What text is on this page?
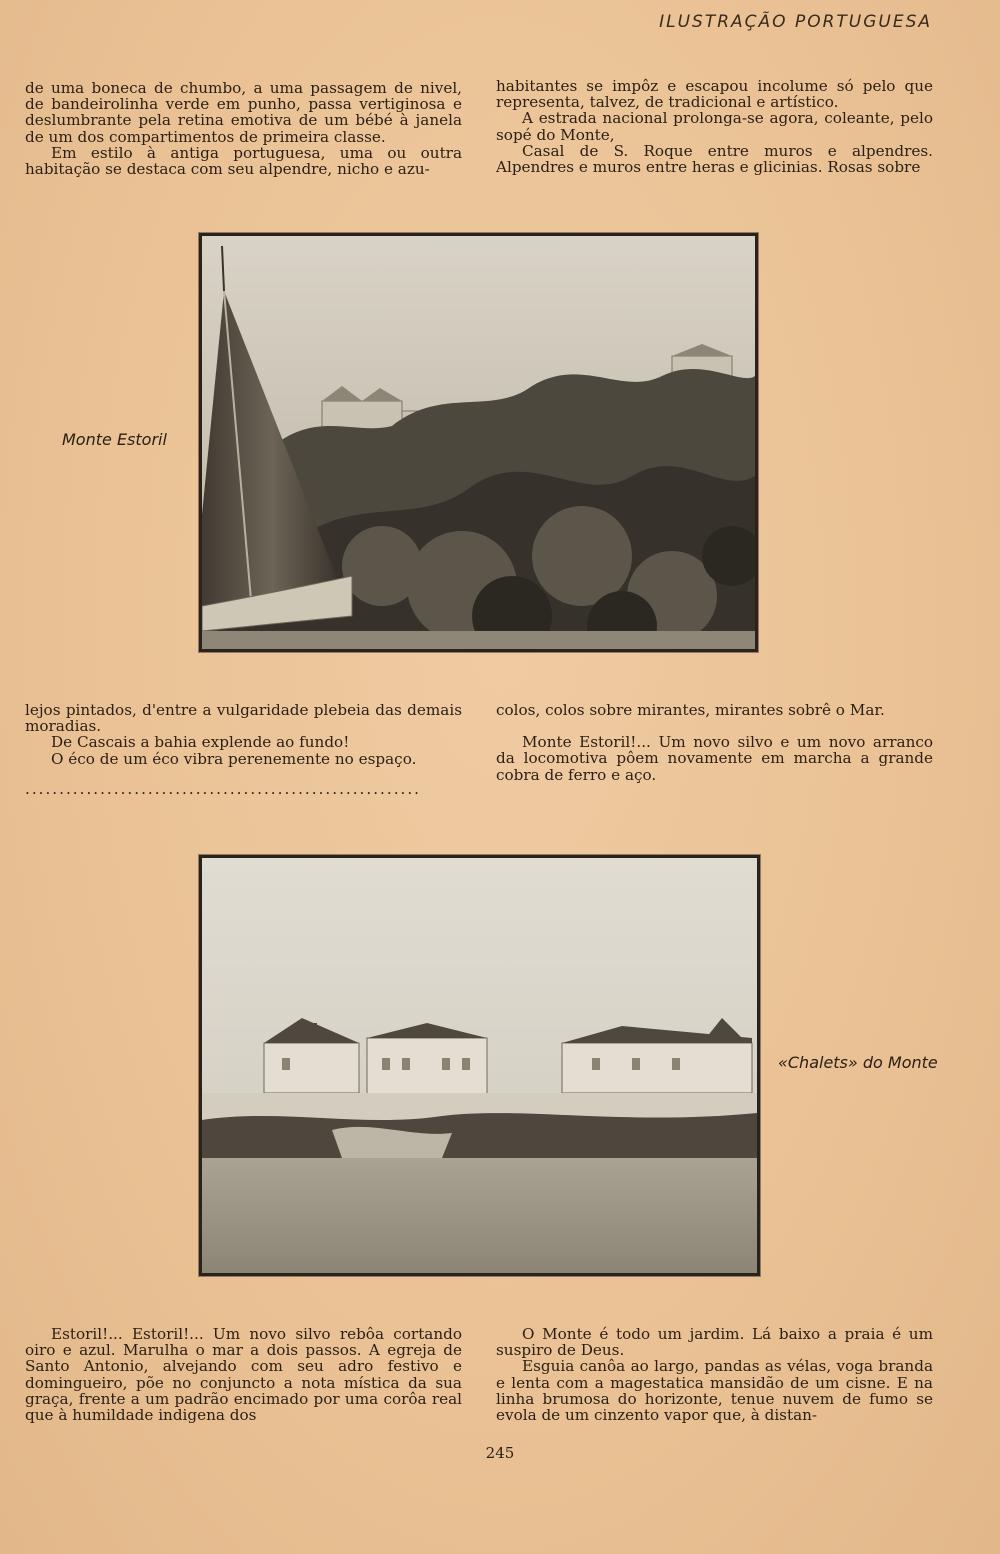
ILUSTRAÇÃO PORTUGUESA

de uma boneca de chumbo, a uma passagem de nivel, de bandeirolinha verde em punho, passa vertiginosa e deslumbrante pela retina emotiva de um bébé à janela de um dos compartimentos de primeira classe.

Em estilo à antiga portuguesa, uma ou outra habitação se destaca com seu alpendre, nicho e azu-

habitantes se impôz e escapou incolume só pelo que representa, talvez, de tradicional e artístico.

A estrada nacional prolonga-se agora, coleante, pelo sopé do Monte,

Casal de S. Roque entre muros e alpendres. Alpendres e muros entre heras e glicinias. Rosas sobre

Monte Estoril

lejos pintados, d'entre a vulgaridade plebeia das demais moradias.

De Cascais a bahia explende ao fundo!

O éco de um éco vibra perenemente no espaço.

..........................................................

colos, colos sobre mirantes, mirantes sobrê o Mar.

Monte Estoril!... Um novo silvo e um novo arranco da locomotiva pôem novamente em marcha a grande cobra de ferro e aço.

«Chalets» do Monte

Estoril!... Estoril!... Um novo silvo rebôa cortando oiro e azul. Marulha o mar a dois passos. A egreja de Santo Antonio, alvejando com seu adro festivo e domingueiro, põe no conjuncto a nota mística da sua graça, frente a um padrão encimado por uma corôa real que à humildade indigena dos

O Monte é todo um jardim. Lá baixo a praia é um suspiro de Deus.

Esguia canôa ao largo, pandas as vélas, voga branda e lenta com a magestatica mansidão de um cisne. E na linha brumosa do horizonte, tenue nuvem de fumo se evola de um cinzento vapor que, à distan-

245
